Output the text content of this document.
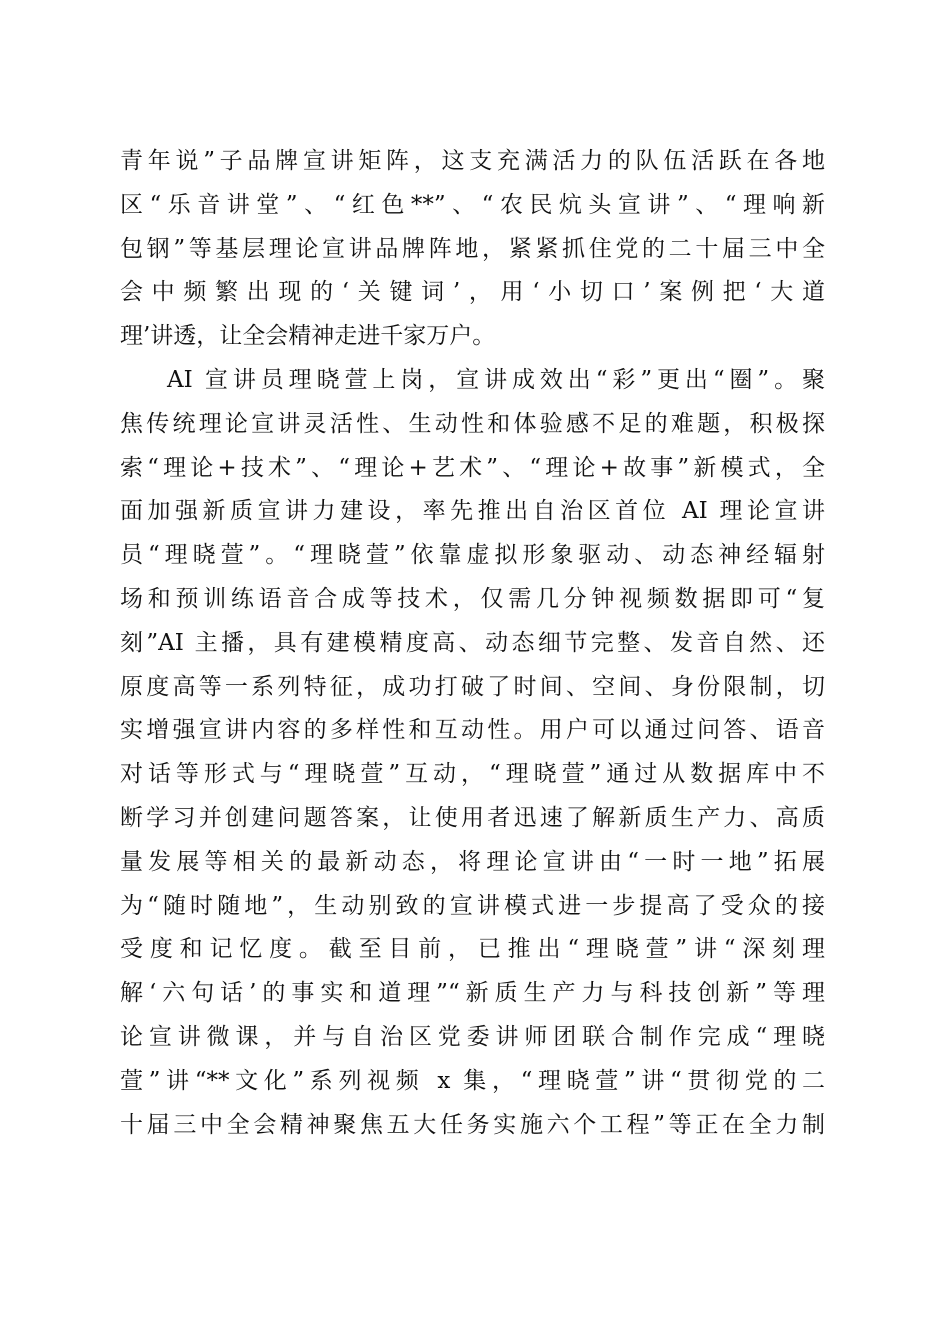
青年说”子品牌宣讲矩阵，这支充满活力的队伍活跃在各地
区“乐音讲堂”、“红色**”、“农民炕头宣讲”、“理响新
包钢”等基层理论宣讲品牌阵地，紧紧抓住党的二十届三中全
会中频繁出现的‘关键词’，用‘小切口’案例把‘大道
理’讲透，让全会精神走进千家万户。
AI 宣讲员理晓萱上岗，宣讲成效出“彩”更出“圈”。聚
焦传统理论宣讲灵活性、生动性和体验感不足的难题，积极探
索“理论+技术”、“理论+艺术”、“理论+故事”新模式，全
面加强新质宣讲力建设，率先推出自治区首位 AI 理论宣讲
员“理晓萱”。“理晓萱”依靠虚拟形象驱动、动态神经辐射
场和预训练语音合成等技术，仅需几分钟视频数据即可“复
刻”AI 主播，具有建模精度高、动态细节完整、发音自然、还
原度高等一系列特征，成功打破了时间、空间、身份限制，切
实增强宣讲内容的多样性和互动性。用户可以通过问答、语音
对话等形式与“理晓萱”互动，“理晓萱”通过从数据库中不
断学习并创建问题答案，让使用者迅速了解新质生产力、高质
量发展等相关的最新动态，将理论宣讲由“一时一地”拓展
为“随时随地”，生动别致的宣讲模式进一步提高了受众的接
受度和记忆度。截至目前，已推出“理晓萱”讲“深刻理
解‘六句话’的事实和道理”“新质生产力与科技创新”等理
论宣讲微课，并与自治区党委讲师团联合制作完成“理晓
萱”讲“**文化”系列视频 x 集，“理晓萱”讲“贯彻党的二
十届三中全会精神聚焦五大任务实施六个工程”等正在全力制
